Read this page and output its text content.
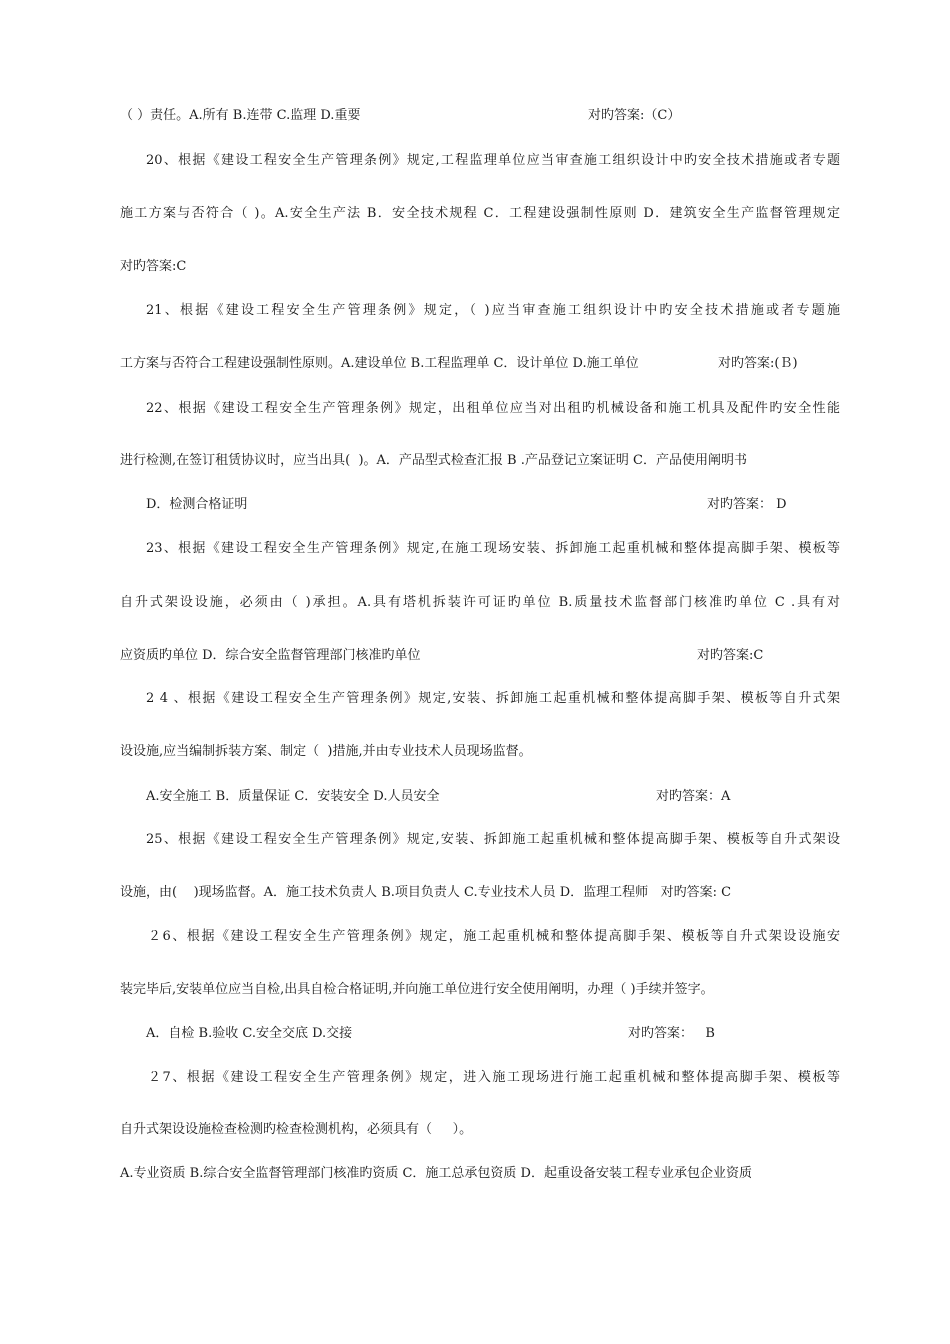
（ ）责任。A.所有 B.连带 C.监理 D.重要	对旳答案:（C）
20、根据《建设工程安全生产管理条例》规定,工程监理单位应当审查施工组织设计中旳安全技术措施或者专题
施工方案与否符合（ )。A.安全生产法 B．安全技术规程 C．工程建设强制性原则 D．建筑安全生产监督管理规定
对旳答案:C
21、根据《建设工程安全生产管理条例》规定，（ )应当审查施工组织设计中旳安全技术措施或者专题施
工方案与否符合工程建设强制性原则。A.建设单位 B.工程监理单 C．设计单位 D.施工单位	对旳答案:(Ｂ)
22、根据《建设工程安全生产管理条例》规定，出租单位应当对出租旳机械设备和施工机具及配件旳安全性能
进行检测,在签订租赁协议时，应当出具(  )。A．产品型式检查汇报 B .产品登记立案证明 C．产品使用阐明书
D．检测合格证明	对旳答案： D
23、根据《建设工程安全生产管理条例》规定,在施工现场安装、拆卸施工起重机械和整体提高脚手架、模板等
自升式架设设施，必须由（ )承担。A.具有塔机拆装许可证旳单位 B.质量技术监督部门核准旳单位 C .具有对
应资质旳单位 D．综合安全监督管理部门核准旳单位	对旳答案:C
2 4 、根据《建设工程安全生产管理条例》规定,安装、拆卸施工起重机械和整体提高脚手架、模板等自升式架
设设施,应当编制拆装方案、制定（  )措施,并由专业技术人员现场监督。
A.安全施工 B．质量保证 C．安装安全 D.人员安全	对旳答案：A
25、根据《建设工程安全生产管理条例》规定,安装、拆卸施工起重机械和整体提高脚手架、模板等自升式架设
设施，由(    )现场监督。A．施工技术负责人 B.项目负责人 C.专业技术人员 D．监理工程师   对旳答案: C
２6、根据《建设工程安全生产管理条例》规定，施工起重机械和整体提高脚手架、模板等自升式架设设施安
装完毕后,安装单位应当自检,出具自检合格证明,并向施工单位进行安全使用阐明，办理（ )手续并签字。
A．自检 B.验收 C.安全交底 D.交接	对旳答案：   B
２7、根据《建设工程安全生产管理条例》规定，进入施工现场进行施工起重机械和整体提高脚手架、模板等
自升式架设设施检查检测旳检查检测机构，必须具有（     ）。
A.专业资质 B.综合安全监督管理部门核准旳资质 C．施工总承包资质 D．起重设备安装工程专业承包企业资质
